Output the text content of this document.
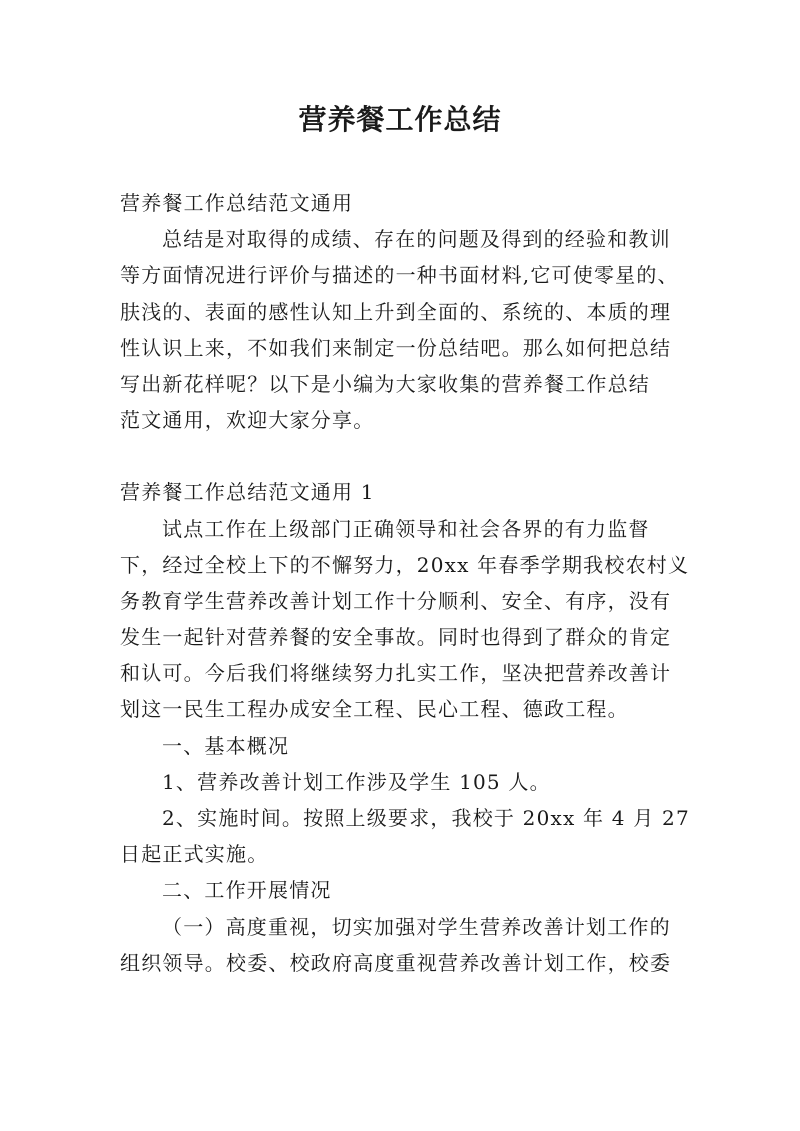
营养餐工作总结
营养餐工作总结范文通用
总结是对取得的成绩、存在的问题及得到的经验和教训
等方面情况进行评价与描述的一种书面材料,它可使零星的、
肤浅的、表面的感性认知上升到全面的、系统的、本质的理
性认识上来，不如我们来制定一份总结吧。那么如何把总结
写出新花样呢？以下是小编为大家收集的营养餐工作总结
范文通用，欢迎大家分享。
营养餐工作总结范文通用 1
试点工作在上级部门正确领导和社会各界的有力监督
下，经过全校上下的不懈努力，20xx 年春季学期我校农村义
务教育学生营养改善计划工作十分顺利、安全、有序，没有
发生一起针对营养餐的安全事故。同时也得到了群众的肯定
和认可。今后我们将继续努力扎实工作，坚决把营养改善计
划这一民生工程办成安全工程、民心工程、德政工程。
一、基本概况
1、营养改善计划工作涉及学生 105 人。
2、实施时间。按照上级要求，我校于 20xx 年 4 月 27
日起正式实施。
二、工作开展情况
（一）高度重视，切实加强对学生营养改善计划工作的
组织领导。校委、校政府高度重视营养改善计划工作，校委
